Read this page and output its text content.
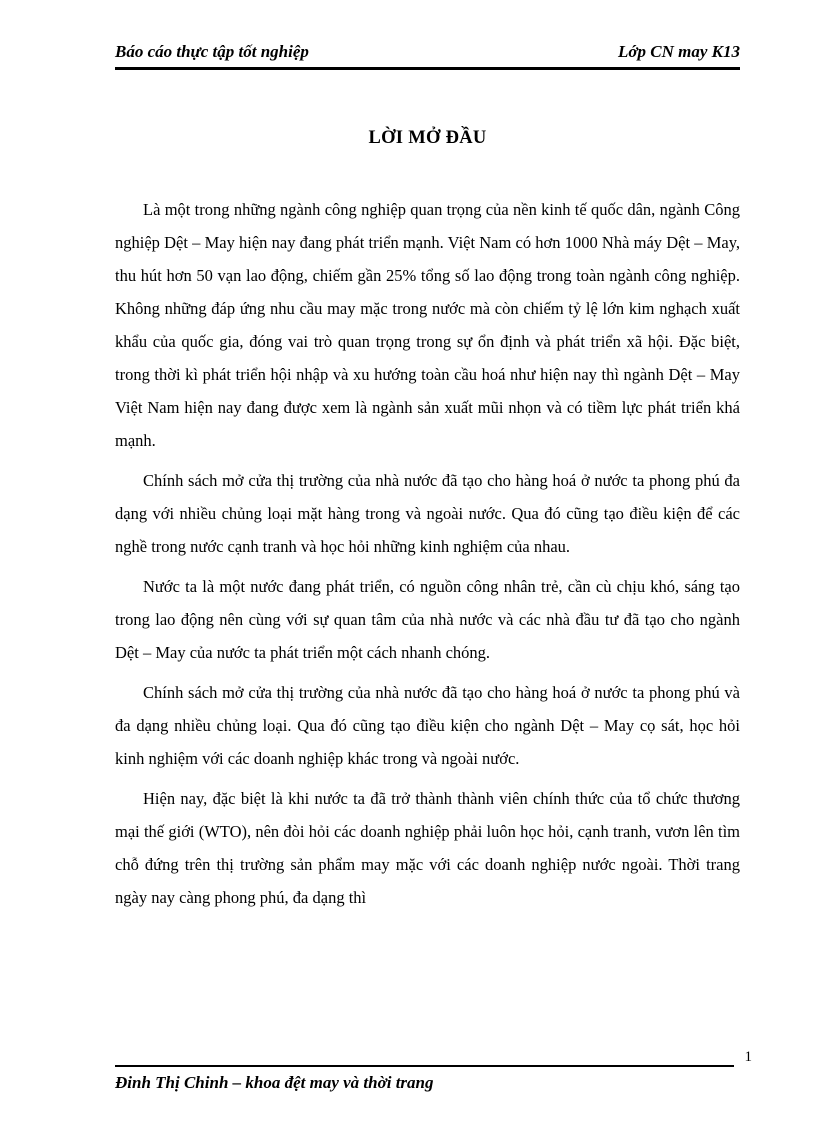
Báo cáo thực tập tốt nghiệp	Lớp CN may K13
LỜI MỞ ĐẦU

Là một trong những ngành công nghiệp quan trọng của nền kinh tế quốc dân, ngành Công nghiệp Dệt – May hiện nay đang phát triển mạnh. Việt Nam có hơn 1000 Nhà máy Dệt – May, thu hút hơn 50 vạn lao động, chiếm gần 25% tổng số lao động trong toàn ngành công nghiệp. Không những đáp ứng nhu cầu may mặc trong nước mà còn chiếm tỷ lệ lớn kim nghạch xuất khẩu của quốc gia, đóng vai trò quan trọng trong sự ổn định và phát triển xã hội. Đặc biệt, trong thời kì phát triển hội nhập và xu hướng toàn cầu hoá như hiện nay thì ngành Dệt – May Việt Nam hiện nay đang được xem là ngành sản xuất mũi nhọn và có tiềm lực phát triển khá mạnh.

Chính sách mở cửa thị trường của nhà nước đã tạo cho hàng hoá ở nước ta phong phú đa dạng với nhiều chủng loại mặt hàng trong và ngoài nước. Qua đó cũng tạo điều kiện để các nghề trong nước cạnh tranh và học hỏi những kinh nghiệm của nhau.

Nước ta là một nước đang phát triển, có nguồn công nhân trẻ, cần cù chịu khó, sáng tạo trong lao động nên cùng với sự quan tâm của nhà nước và các nhà đầu tư đã tạo cho ngành Dệt – May của nước ta phát triển một cách nhanh chóng.

Chính sách mở cửa thị trường của nhà nước đã tạo cho hàng hoá ở nước ta phong phú và đa dạng nhiều chủng loại. Qua đó cũng tạo điều kiện cho ngành Dệt – May cọ sát, học hỏi kinh nghiệm với các doanh nghiệp khác trong và ngoài nước.

Hiện nay, đặc biệt là khi nước ta đã trở thành thành viên chính thức của tổ chức thương mại thế giới (WTO), nên đòi hỏi các doanh nghiệp phải luôn học hỏi, cạnh tranh, vươn lên tìm chỗ đứng trên thị trường sản phẩm may mặc với các doanh nghiệp nước ngoài. Thời trang ngày nay càng phong phú, đa dạng thì

Đinh Thị Chinh – khoa đệt may và thời trang
1
